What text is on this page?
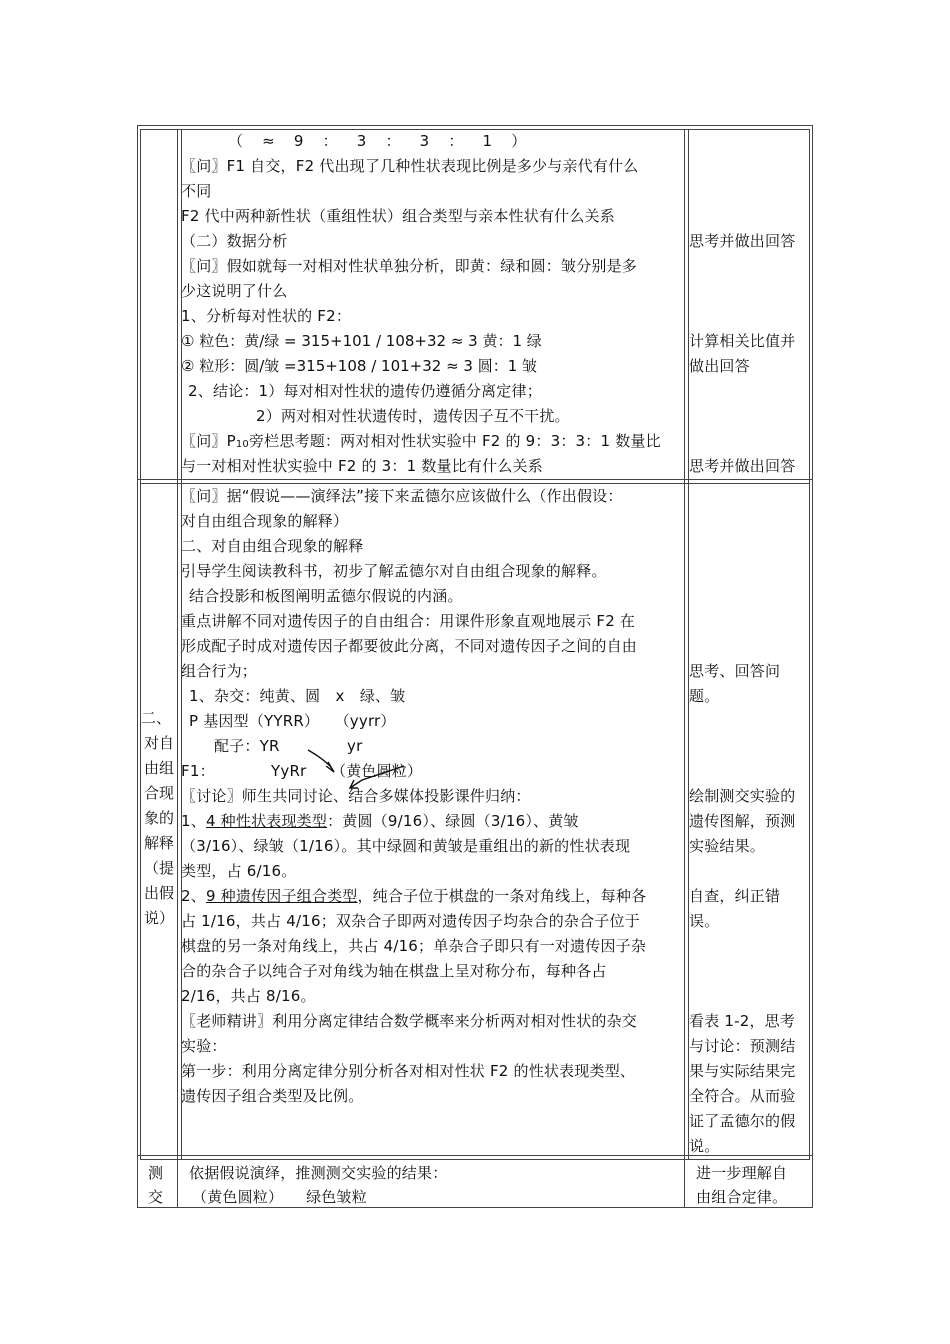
（ ≈ 9 ： 3 ： 3 ： 1 ）
〖问〗F1 自交，F2 代出现了几种性状表现比例是多少与亲代有什么
不同
F2 代中两种新性状（重组性状）组合类型与亲本性状有什么关系
（二）数据分析
〖问〗假如就每一对相对性状单独分析，即黄：绿和圆：皱分别是多
少这说明了什么
1、分析每对性状的 F2：
① 粒色：黄/绿 = 315+101 / 108+32 ≈ 3 黄：1 绿
② 粒形：圆/皱 =315+108 / 101+32 ≈ 3 圆：1 皱
2、结论：1）每对相对性状的遗传仍遵循分离定律；
2）两对相对性状遗传时，遗传因子互不干扰。
〖问〗P10旁栏思考题：两对相对性状实验中 F2 的 9：3：3：1 数量比
与一对相对性状实验中 F2 的 3：1 数量比有什么关系
思考并做出回答
计算相关比值并
做出回答
思考并做出回答
二、
对自
由组
合现
象的
解释
（提
出假
说）
〖问〗据“假说——演绎法”接下来孟德尔应该做什么（作出假设：
对自由组合现象的解释）
二、对自由组合现象的解释
引导学生阅读教科书，初步了解孟德尔对自由组合现象的解释。
结合投影和板图阐明孟德尔假说的内涵。
重点讲解不同对遗传因子的自由组合：用课件形象直观地展示 F2 在
形成配子时成对遗传因子都要彼此分离，不同对遗传因子之间的自由
组合行为；
1、杂交：纯黄、圆　x　绿、皱
P 基因型（YYRR）　　（yyrr）
配子：YR	yr
F1：	YyRr （黄色圆粒）
〖讨论〗师生共同讨论、结合多媒体投影课件归纳：
1、4 种性状表现类型：黄圆（9/16）、绿圆（3/16）、黄皱
（3/16）、绿皱（1/16）。其中绿圆和黄皱是重组出的新的性状表现
类型，占 6/16。
2、9 种遗传因子组合类型，纯合子位于棋盘的一条对角线上，每种各
占 1/16，共占 4/16；双杂合子即两对遗传因子均杂合的杂合子位于
棋盘的另一条对角线上，共占 4/16；单杂合子即只有一对遗传因子杂
合的杂合子以纯合子对角线为轴在棋盘上呈对称分布，每种各占
2/16，共占 8/16。
〖老师精讲〗利用分离定律结合数学概率来分析两对相对性状的杂交
实验：
第一步：利用分离定律分别分析各对相对性状 F2 的性状表现类型、
遗传因子组合类型及比例。
思考、回答问
题。
绘制测交实验的
遗传图解，预测
实验结果。
自查，纠正错
误。
看表 1-2，思考
与讨论：预测结
果与实际结果完
全符合。从而验
证了孟德尔的假
说。
测
交
依据假说演绎，推测测交实验的结果：
（黄色圆粒）　　绿色皱粒
进一步理解自
由组合定律。
